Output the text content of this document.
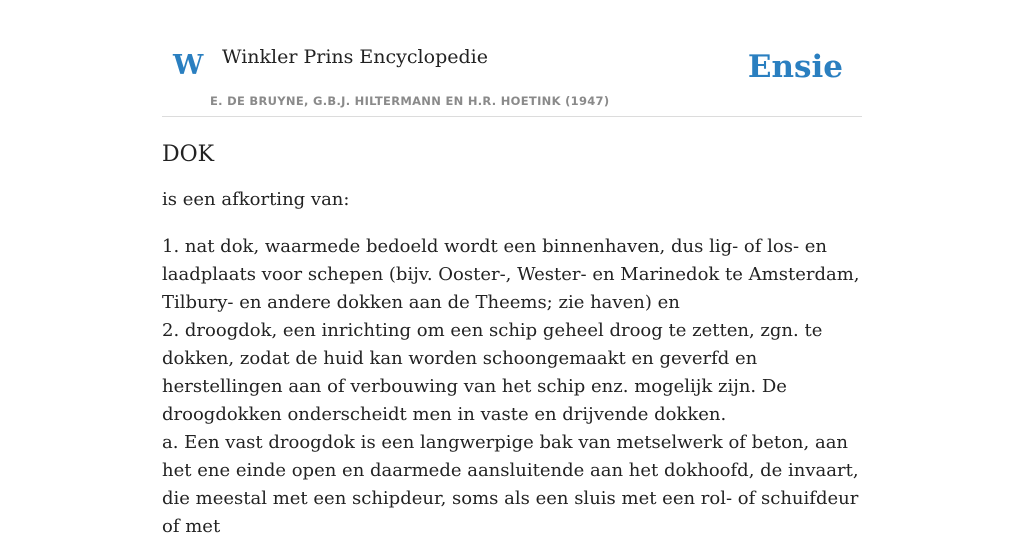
W Winkler Prins Encyclopedie
E. DE BRUYNE, G.B.J. HILTERMANN EN H.R. HOETINK (1947)
Ensie
DOK

is een afkorting van:

1. nat dok, waarmede bedoeld wordt een binnenhaven, dus lig- of los- en laadplaats voor schepen (bijv. Ooster-, Wester- en Marinedok te Amsterdam, Tilbury- en andere dokken aan de Theems; zie haven) en

2. droogdok, een inrichting om een schip geheel droog te zetten, zgn. te dokken, zodat de huid kan worden schoongemaakt en geverfd en herstellingen aan of verbouwing van het schip enz. mogelijk zijn. De droogdokken onderscheidt men in vaste en drijvende dokken.

a. Een vast droogdok is een langwerpige bak van metselwerk of beton, aan het ene einde open en daarmede aansluitende aan het dokhoofd, de invaart, die meestal met een schipdeur, soms als een sluis met een rol- of schuifdeur of met
